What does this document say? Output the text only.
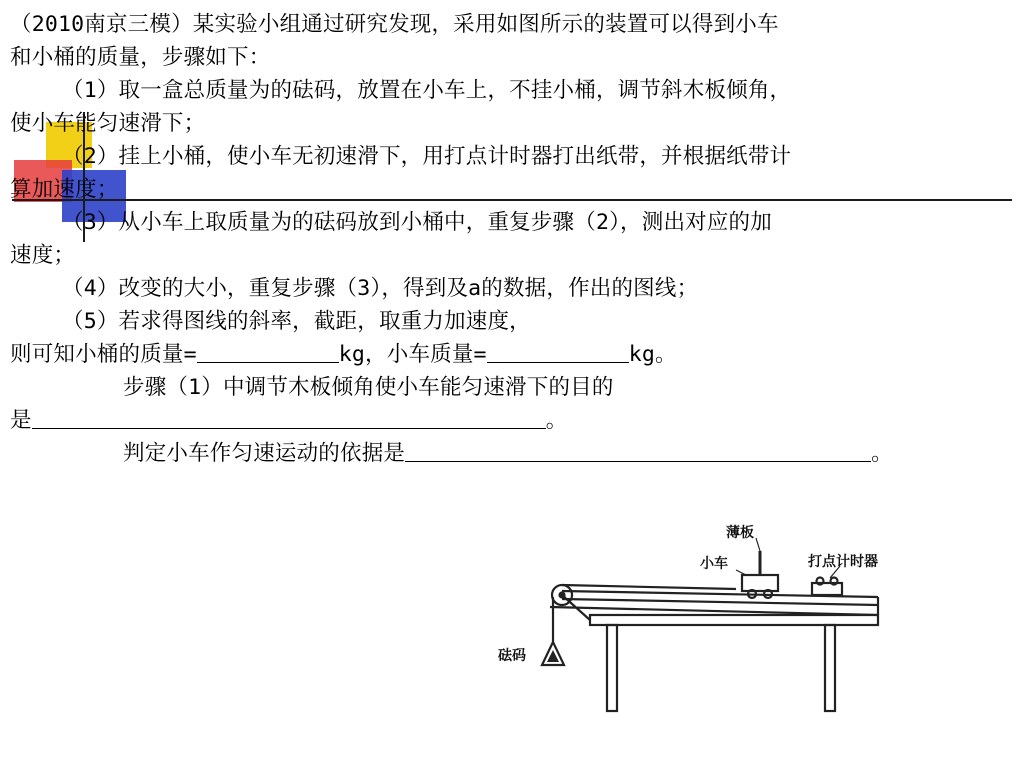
（2010南京三模）某实验小组通过研究发现，采用如图所示的装置可以得到小车
和小桶的质量，步骤如下：
（1）取一盒总质量为的砝码，放置在小车上，不挂小桶，调节斜木板倾角，
使小车能匀速滑下；
（2）挂上小桶，使小车无初速滑下，用打点计时器打出纸带，并根据纸带计
算加速度；
（3）从小车上取质量为的砝码放到小桶中，重复步骤（2），测出对应的加
速度；
（4）改变的大小，重复步骤（3），得到及a的数据，作出的图线；
（5）若求得图线的斜率，截距，取重力加速度，
则可知小桶的质量=	kg，小车质量=	kg。
步骤（1）中调节木板倾角使小车能匀速滑下的目的
是	。
判定小车作匀速运动的依据是	。
薄板
小车	打点计时器
砝码
